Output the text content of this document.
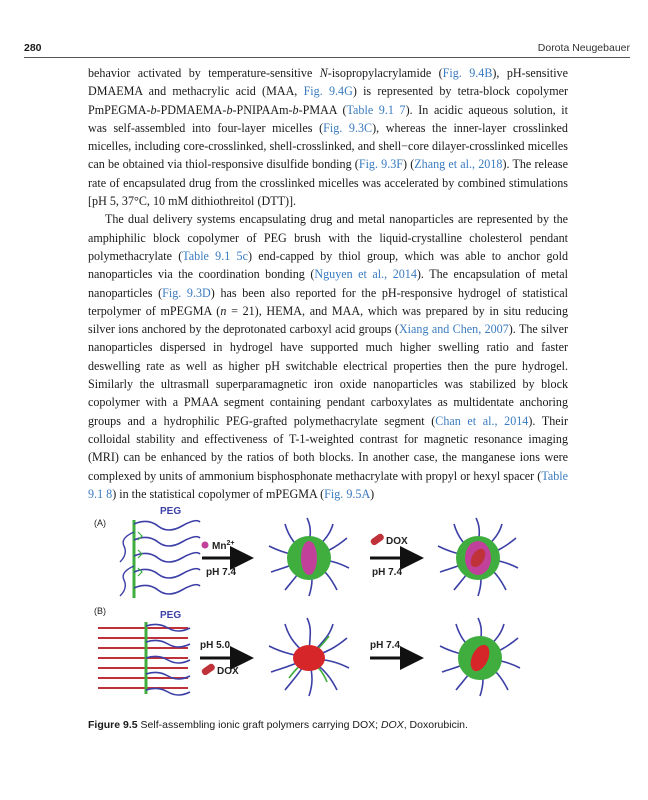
280	Dorota Neugebauer

behavior activated by temperature-sensitive N-isopropylacrylamide (Fig. 9.4B), pH-sensitive DMAEMA and methacrylic acid (MAA, Fig. 9.4G) is represented by tetra-block copolymer PmPEGMA-b-PDMAEMA-b-PNIPAAm-b-PMAA (Table 9.1 7). In acidic aqueous solution, it was self-assembled into four-layer micelles (Fig. 9.3C), whereas the inner-layer crosslinked micelles, including core-crosslinked, shell-crosslinked, and shell−core dilayer-crosslinked micelles can be obtained via thiol-responsive disulfide bonding (Fig. 9.3F) (Zhang et al., 2018). The release rate of encapsulated drug from the crosslinked micelles was accelerated by combined stimulations [pH 5, 37°C, 10 mM dithiothreitol (DTT)].

The dual delivery systems encapsulating drug and metal nanoparticles are represented by the amphiphilic block copolymer of PEG brush with the liquid-crystalline cholesterol pendant polymethacrylate (Table 9.1 5c) end-capped by thiol group, which was able to anchor gold nanoparticles via the coordination bonding (Nguyen et al., 2014). The encapsulation of metal nanoparticles (Fig. 9.3D) has been also reported for the pH-responsive hydrogel of statistical terpolymer of mPEGMA (n = 21), HEMA, and MAA, which was prepared by in situ reducing silver ions anchored by the deprotonated carboxyl acid groups (Xiang and Chen, 2007). The silver nanoparticles dispersed in hydrogel have supported much higher swelling ratio and faster deswelling rate as well as higher pH switchable electrical properties then the pure hydrogel. Similarly the ultrasmall superparamagnetic iron oxide nanoparticles was stabilized by block copolymer with a PMAA segment containing pendant carboxylates as multidentate anchoring groups and a hydrophilic PEG-grafted polymethacrylate segment (Chan et al., 2014). Their colloidal stability and effectiveness of T-1-weighted contrast for magnetic resonance imaging (MRI) can be enhanced by the ratios of both blocks. In another case, the manganese ions were complexed by units of ammonium bisphosphonate methacrylate with propyl or hexyl spacer (Table 9.1 8) in the statistical copolymer of mPEGMA (Fig. 9.5A)

(A)
PEG
$Mn^{2+}$
pH 7.4
DOX
pH 7.4
(B)	PEG
pH 5.0
DOX
pH 7.4
Figure 9.5 Self-assembling ionic graft polymers carrying DOX; DOX, Doxorubicin.
